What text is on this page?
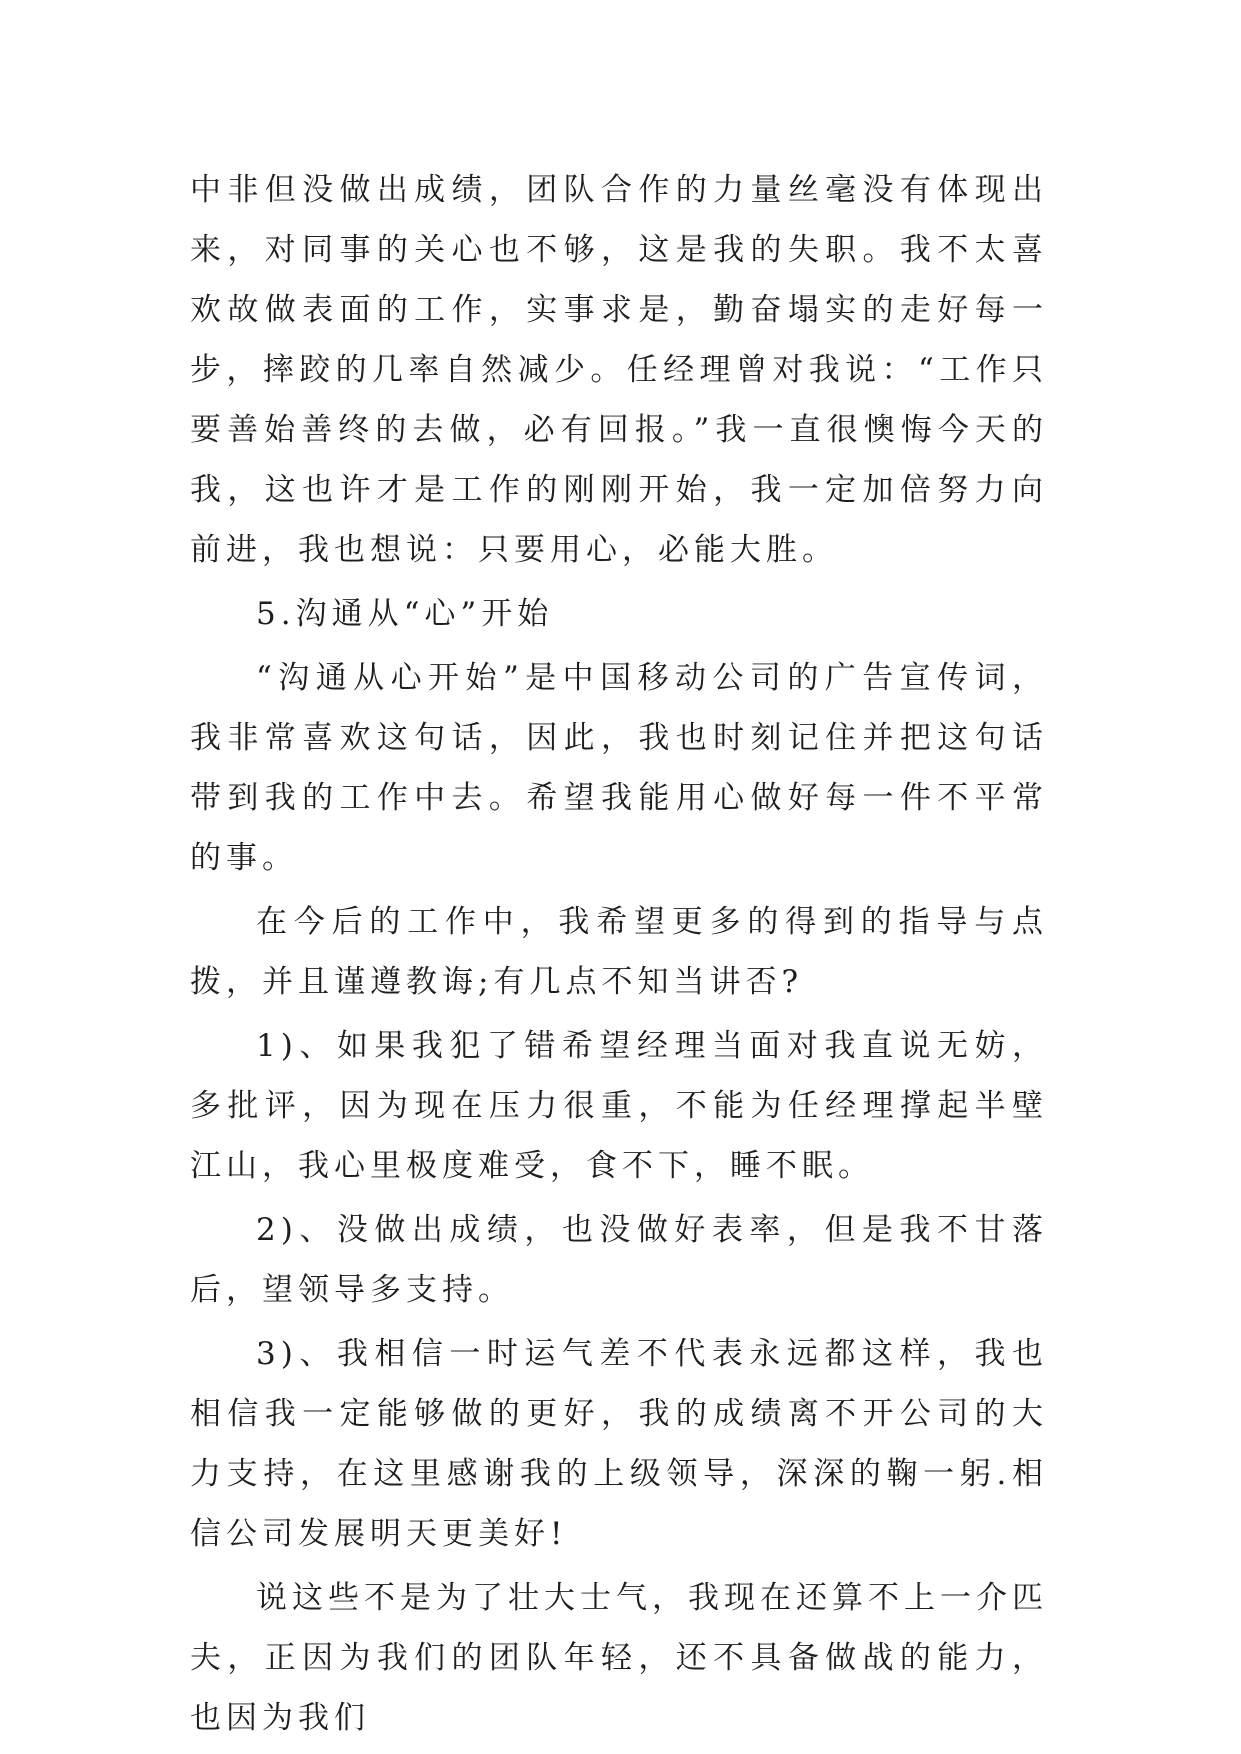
中非但没做出成绩，团队合作的力量丝毫没有体现出来，对同事的关心也不够，这是我的失职。我不太喜欢故做表面的工作，实事求是，勤奋塌实的走好每一步，摔跤的几率自然减少。任经理曾对我说：“工作只要善始善终的去做，必有回报。”我一直很懊悔今天的我，这也许才是工作的刚刚开始，我一定加倍努力向前进，我也想说：只要用心，必能大胜。

5.沟通从“心”开始

“沟通从心开始”是中国移动公司的广告宣传词，我非常喜欢这句话，因此，我也时刻记住并把这句话带到我的工作中去。希望我能用心做好每一件不平常的事。

在今后的工作中，我希望更多的得到的指导与点拨，并且谨遵教诲;有几点不知当讲否?

1)、如果我犯了错希望经理当面对我直说无妨，多批评，因为现在压力很重，不能为任经理撑起半壁江山，我心里极度难受，食不下，睡不眠。

2)、没做出成绩，也没做好表率，但是我不甘落后，望领导多支持。

3)、我相信一时运气差不代表永远都这样，我也相信我一定能够做的更好，我的成绩离不开公司的大力支持，在这里感谢我的上级领导，深深的鞠一躬.相信公司发展明天更美好!

说这些不是为了壮大士气，我现在还算不上一介匹夫，正因为我们的团队年轻，还不具备做战的能力，也因为我们
